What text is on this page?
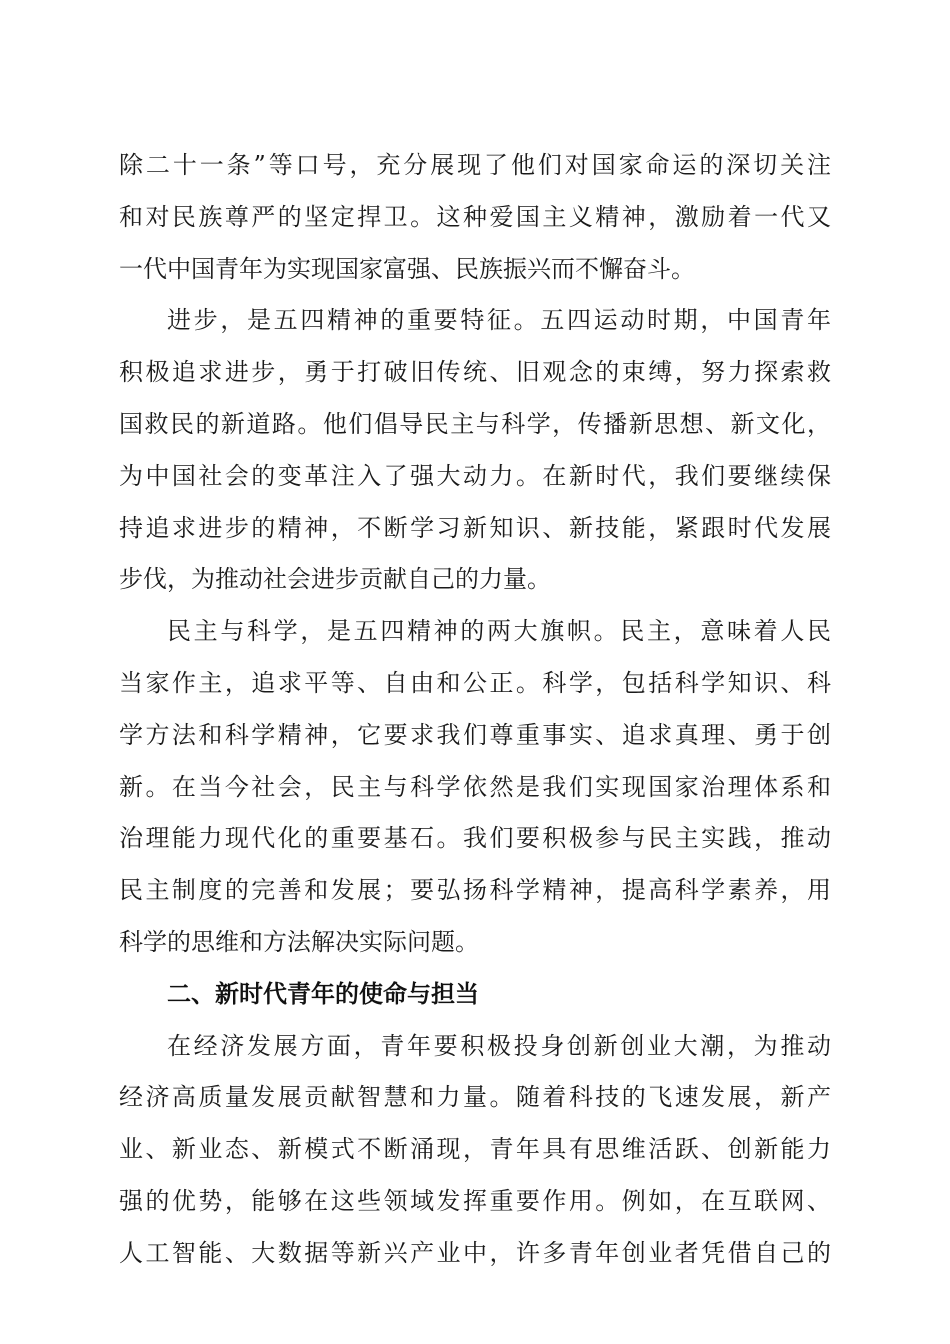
除二十一条”等口号，充分展现了他们对国家命运的深切关注
和对民族尊严的坚定捍卫。这种爱国主义精神，激励着一代又
一代中国青年为实现国家富强、民族振兴而不懈奋斗。
进步，是五四精神的重要特征。五四运动时期，中国青年
积极追求进步，勇于打破旧传统、旧观念的束缚，努力探索救
国救民的新道路。他们倡导民主与科学，传播新思想、新文化，
为中国社会的变革注入了强大动力。在新时代，我们要继续保
持追求进步的精神，不断学习新知识、新技能，紧跟时代发展
步伐，为推动社会进步贡献自己的力量。
民主与科学，是五四精神的两大旗帜。民主，意味着人民
当家作主，追求平等、自由和公正。科学，包括科学知识、科
学方法和科学精神，它要求我们尊重事实、追求真理、勇于创
新。在当今社会，民主与科学依然是我们实现国家治理体系和
治理能力现代化的重要基石。我们要积极参与民主实践，推动
民主制度的完善和发展；要弘扬科学精神，提高科学素养，用
科学的思维和方法解决实际问题。
二、新时代青年的使命与担当
在经济发展方面，青年要积极投身创新创业大潮，为推动
经济高质量发展贡献智慧和力量。随着科技的飞速发展，新产
业、新业态、新模式不断涌现，青年具有思维活跃、创新能力
强的优势，能够在这些领域发挥重要作用。例如，在互联网、
人工智能、大数据等新兴产业中，许多青年创业者凭借自己的
